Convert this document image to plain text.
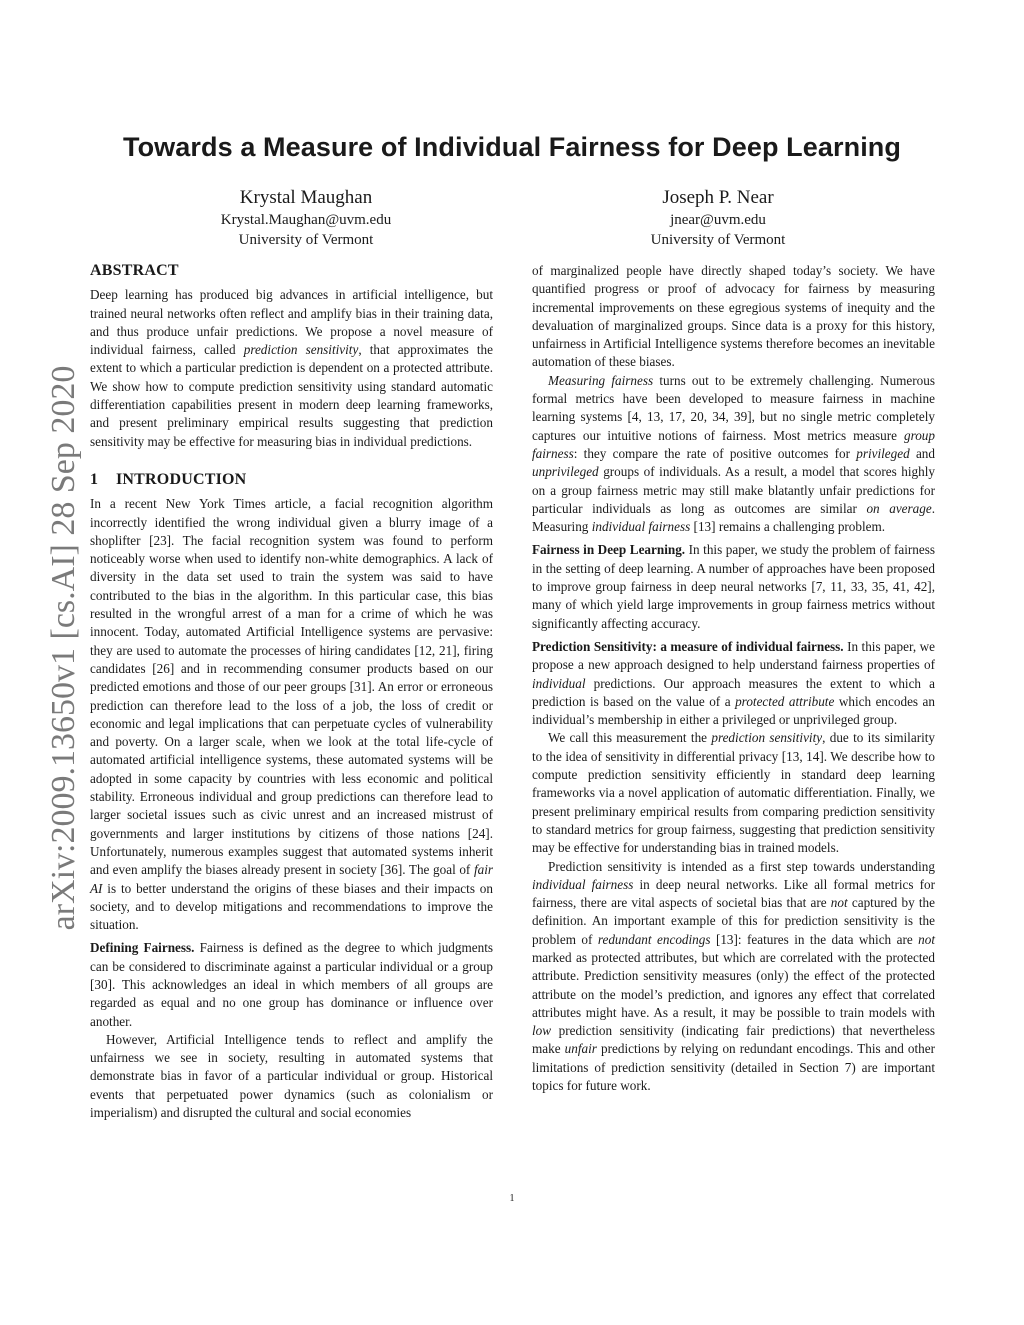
Towards a Measure of Individual Fairness for Deep Learning
Krystal Maughan
Krystal.Maughan@uvm.edu
University of Vermont
Joseph P. Near
jnear@uvm.edu
University of Vermont
arXiv:2009.13650v1 [cs.AI] 28 Sep 2020
ABSTRACT

Deep learning has produced big advances in artificial intelligence, but trained neural networks often reflect and amplify bias in their training data, and thus produce unfair predictions. We propose a novel measure of individual fairness, called prediction sensitivity, that approximates the extent to which a particular prediction is dependent on a protected attribute. We show how to compute prediction sensitivity using standard automatic differentiation capabilities present in modern deep learning frameworks, and present preliminary empirical results suggesting that prediction sensitivity may be effective for measuring bias in individual predictions.

1 INTRODUCTION

In a recent New York Times article, a facial recognition algorithm incorrectly identified the wrong individual given a blurry image of a shoplifter [23]. The facial recognition system was found to perform noticeably worse when used to identify non-white demographics. A lack of diversity in the data set used to train the system was said to have contributed to the bias in the algorithm. In this particular case, this bias resulted in the wrongful arrest of a man for a crime of which he was innocent. Today, automated Artificial Intelligence systems are pervasive: they are used to automate the processes of hiring candidates [12, 21], firing candidates [26] and in recommending consumer products based on our predicted emotions and those of our peer groups [31]. An error or erroneous prediction can therefore lead to the loss of a job, the loss of credit or economic and legal implications that can perpetuate cycles of vulnerability and poverty. On a larger scale, when we look at the total life-cycle of automated artificial intelligence systems, these automated systems will be adopted in some capacity by countries with less economic and political stability. Erroneous individual and group predictions can therefore lead to larger societal issues such as civic unrest and an increased mistrust of governments and larger institutions by citizens of those nations [24]. Unfortunately, numerous examples suggest that automated systems inherit and even amplify the biases already present in society [36]. The goal of fair AI is to better understand the origins of these biases and their impacts on society, and to develop mitigations and recommendations to improve the situation.

Defining Fairness. Fairness is defined as the degree to which judgments can be considered to discriminate against a particular individual or a group [30]. This acknowledges an ideal in which members of all groups are regarded as equal and no one group has dominance or influence over another.

However, Artificial Intelligence tends to reflect and amplify the unfairness we see in society, resulting in automated systems that demonstrate bias in favor of a particular individual or group. Historical events that perpetuated power dynamics (such as colonialism or imperialism) and disrupted the cultural and social economies

of marginalized people have directly shaped today’s society. We have quantified progress or proof of advocacy for fairness by measuring incremental improvements on these egregious systems of inequity and the devaluation of marginalized groups. Since data is a proxy for this history, unfairness in Artificial Intelligence systems therefore becomes an inevitable automation of these biases.

Measuring fairness turns out to be extremely challenging. Numerous formal metrics have been developed to measure fairness in machine learning systems [4, 13, 17, 20, 34, 39], but no single metric completely captures our intuitive notions of fairness. Most metrics measure group fairness: they compare the rate of positive outcomes for privileged and unprivileged groups of individuals. As a result, a model that scores highly on a group fairness metric may still make blatantly unfair predictions for particular individuals as long as outcomes are similar on average. Measuring individual fairness [13] remains a challenging problem.

Fairness in Deep Learning. In this paper, we study the problem of fairness in the setting of deep learning. A number of approaches have been proposed to improve group fairness in deep neural networks [7, 11, 33, 35, 41, 42], many of which yield large improvements in group fairness metrics without significantly affecting accuracy.

Prediction Sensitivity: a measure of individual fairness. In this paper, we propose a new approach designed to help understand fairness properties of individual predictions. Our approach measures the extent to which a prediction is based on the value of a protected attribute which encodes an individual’s membership in either a privileged or unprivileged group.

We call this measurement the prediction sensitivity, due to its similarity to the idea of sensitivity in differential privacy [13, 14]. We describe how to compute prediction sensitivity efficiently in standard deep learning frameworks via a novel application of automatic differentiation. Finally, we present preliminary empirical results from comparing prediction sensitivity to standard metrics for group fairness, suggesting that prediction sensitivity may be effective for understanding bias in trained models.

Prediction sensitivity is intended as a first step towards understanding individual fairness in deep neural networks. Like all formal metrics for fairness, there are vital aspects of societal bias that are not captured by the definition. An important example of this for prediction sensitivity is the problem of redundant encodings [13]: features in the data which are not marked as protected attributes, but which are correlated with the protected attribute. Prediction sensitivity measures (only) the effect of the protected attribute on the model’s prediction, and ignores any effect that correlated attributes might have. As a result, it may be possible to train models with low prediction sensitivity (indicating fair predictions) that nevertheless make unfair predictions by relying on redundant encodings. This and other limitations of prediction sensitivity (detailed in Section 7) are important topics for future work.

1
